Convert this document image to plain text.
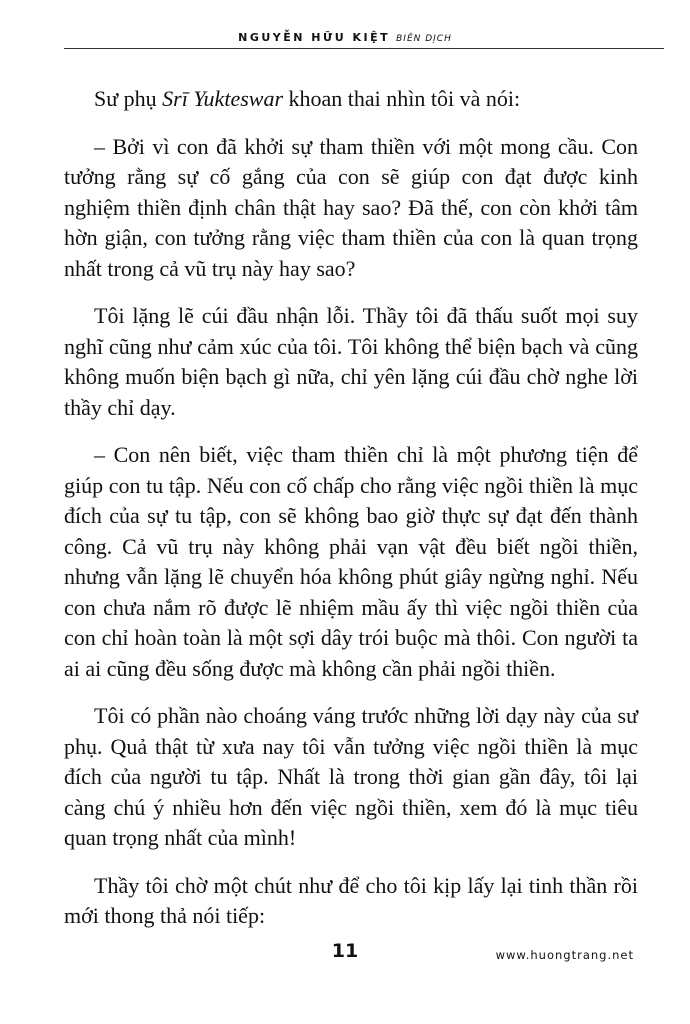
NGUYỄN HỮU KIỆT BIÊN DỊCH

Sư phụ Srī Yukteswar khoan thai nhìn tôi và nói:

– Bởi vì con đã khởi sự tham thiền với một mong cầu. Con tưởng rằng sự cố gắng của con sẽ giúp con đạt được kinh nghiệm thiền định chân thật hay sao? Đã thế, con còn khởi tâm hờn giận, con tưởng rằng việc tham thiền của con là quan trọng nhất trong cả vũ trụ này hay sao?

Tôi lặng lẽ cúi đầu nhận lỗi. Thầy tôi đã thấu suốt mọi suy nghĩ cũng như cảm xúc của tôi. Tôi không thể biện bạch và cũng không muốn biện bạch gì nữa, chỉ yên lặng cúi đầu chờ nghe lời thầy chỉ dạy.

– Con nên biết, việc tham thiền chỉ là một phương tiện để giúp con tu tập. Nếu con cố chấp cho rằng việc ngồi thiền là mục đích của sự tu tập, con sẽ không bao giờ thực sự đạt đến thành công. Cả vũ trụ này không phải vạn vật đều biết ngồi thiền, nhưng vẫn lặng lẽ chuyển hóa không phút giây ngừng nghỉ. Nếu con chưa nắm rõ được lẽ nhiệm mầu ấy thì việc ngồi thiền của con chỉ hoàn toàn là một sợi dây trói buộc mà thôi. Con người ta ai ai cũng đều sống được mà không cần phải ngồi thiền.

Tôi có phần nào choáng váng trước những lời dạy này của sư phụ. Quả thật từ xưa nay tôi vẫn tưởng việc ngồi thiền là mục đích của người tu tập. Nhất là trong thời gian gần đây, tôi lại càng chú ý nhiều hơn đến việc ngồi thiền, xem đó là mục tiêu quan trọng nhất của mình!

Thầy tôi chờ một chút như để cho tôi kịp lấy lại tinh thần rồi mới thong thả nói tiếp:

11	www.huongtrang.net
